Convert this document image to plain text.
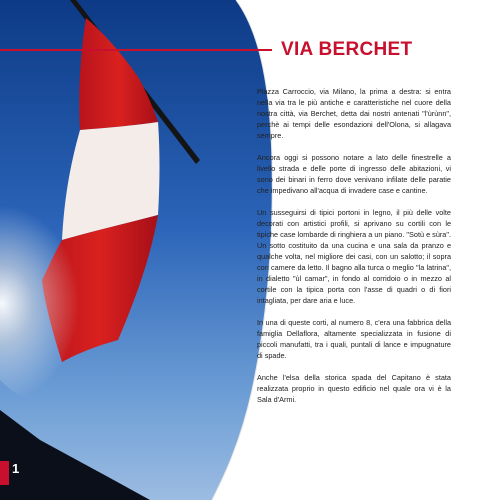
VIA BERCHET

Piazza Carroccio, via Milano, la prima a destra: si entra nella via tra le più antiche e caratteristiche nel cuore della nostra città, via Berchet, detta dai nostri antenati "l'ùrùnn", perchè ai tempi delle esondazioni dell'Olona, si allagava sempre.

Ancora oggi si possono notare a lato delle finestrelle a livello strada e delle porte di ingresso delle abitazioni, vi sono dei binari in ferro dove venivano infilate delle paratie che impedivano all'acqua di invadere case e cantine.

Un susseguirsi di tipici portoni in legno, il più delle volte decorati con artistici profili, si aprivano su cortili con le tipiche case lombarde di ringhiera a un piano. "Sotù e sùra". Un sotto costituito da una cucina e una sala da pranzo e qualche volta, nel migliore dei casi, con un salotto; il sopra con camere da letto. Il bagno alla turca o meglio "la latrina", in dialetto "ùl camar", in fondo al corridoio o in mezzo al cortile con la tipica porta con l'asse di quadri o di fiori intagliata, per dare aria e luce.

In una di queste corti, al numero 8, c'era una fabbrica della famiglia Dellaflora, altamente specializzata in fusione di piccoli manufatti, tra i quali, puntali di lance e impugnature di spade.

Anche l'elsa della storica spada del Capitano è stata realizzata proprio in questo edificio nel quale ora vi è la Sala d'Armi.

1
